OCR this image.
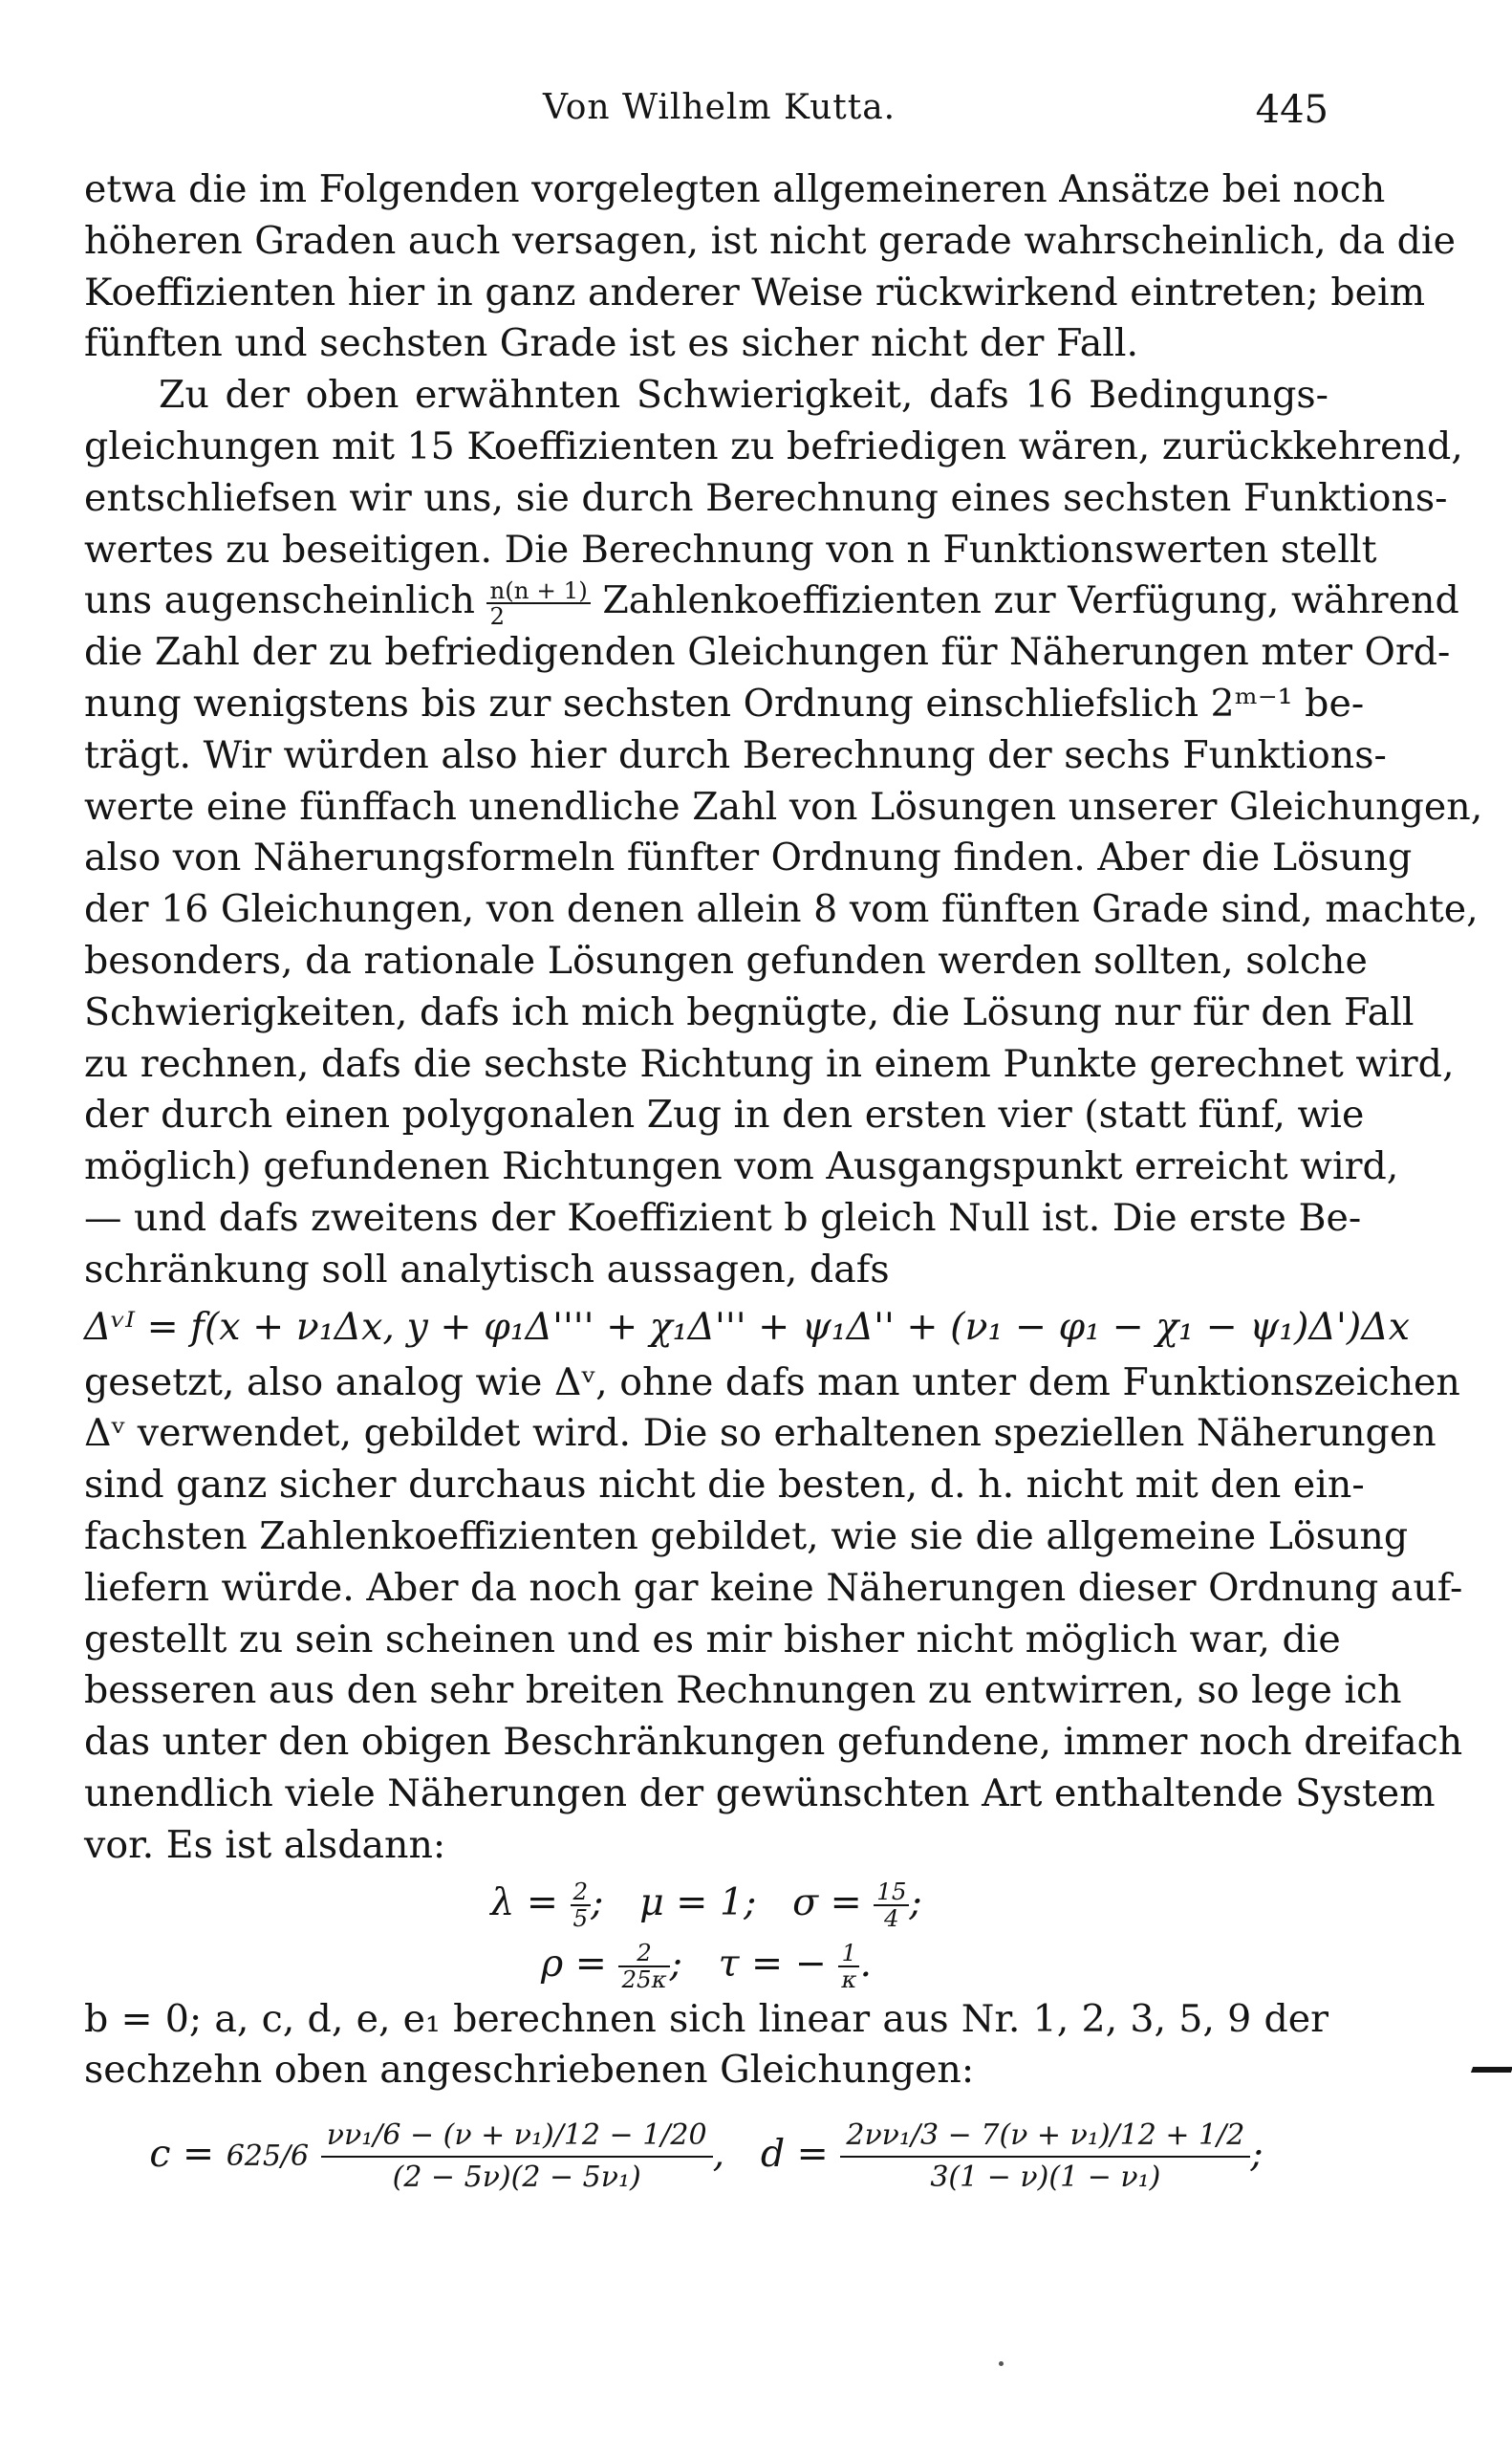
Von Wilhelm Kutta.	445
etwa die im Folgenden vorgelegten allgemeineren Ansätze bei noch
höheren Graden auch versagen, ist nicht gerade wahrscheinlich, da die
Koeffizienten hier in ganz anderer Weise rückwirkend eintreten; beim
fünften und sechsten Grade ist es sicher nicht der Fall.
Zu der oben erwähnten Schwierigkeit, dafs 16 Bedingungs-
gleichungen mit 15 Koeffizienten zu befriedigen wären, zurückkehrend,
entschliefsen wir uns, sie durch Berechnung eines sechsten Funktions-
wertes zu beseitigen. Die Berechnung von n Funktionswerten stellt
uns augenscheinlich $\frac{n(n + 1)}{2}$ Zahlenkoeffizienten zur Verfügung, während
die Zahl der zu befriedigenden Gleichungen für Näherungen mter Ord-
nung wenigstens bis zur sechsten Ordnung einschliefslich 2ᵐ⁻¹ be-
trägt. Wir würden also hier durch Berechnung der sechs Funktions-
werte eine fünffach unendliche Zahl von Lösungen unserer Gleichungen,
also von Näherungsformeln fünfter Ordnung finden. Aber die Lösung
der 16 Gleichungen, von denen allein 8 vom fünften Grade sind, machte,
besonders, da rationale Lösungen gefunden werden sollten, solche
Schwierigkeiten, dafs ich mich begnügte, die Lösung nur für den Fall
zu rechnen, dafs die sechste Richtung in einem Punkte gerechnet wird,
der durch einen polygonalen Zug in den ersten vier (statt fünf, wie
möglich) gefundenen Richtungen vom Ausgangspunkt erreicht wird,
— und dafs zweitens der Koeffizient b gleich Null ist. Die erste Be-
schränkung soll analytisch aussagen, dafs
Δᵛᴵ = f(x + ν₁Δx, y + φ₁Δ'''' + χ₁Δ''' + ψ₁Δ'' + (ν₁ − φ₁ − χ₁ − ψ₁)Δ')Δx
gesetzt, also analog wie Δᵛ, ohne dafs man unter dem Funktionszeichen
Δᵛ verwendet, gebildet wird. Die so erhaltenen speziellen Näherungen
sind ganz sicher durchaus nicht die besten, d. h. nicht mit den ein-
fachsten Zahlenkoeffizienten gebildet, wie sie die allgemeine Lösung
liefern würde. Aber da noch gar keine Näherungen dieser Ordnung auf-
gestellt zu sein scheinen und es mir bisher nicht möglich war, die
besseren aus den sehr breiten Rechnungen zu entwirren, so lege ich
das unter den obigen Beschränkungen gefundene, immer noch dreifach
unendlich viele Näherungen der gewünschten Art enthaltende System
vor. Es ist alsdann:
$\lambda = \frac{2}{5}$ ;   μ = 1; $\sigma = \frac{15}{4}$ ;
$\rho = \frac{2}{25\kappa}$ ;   τ = − $\frac{1}{\kappa}$ .
b = 0; a, c, d, e, e₁ berechnen sich linear aus Nr. 1, 2, 3, 5, 9 der
sechzehn oben angeschriebenen Gleichungen:
$c = 625/6 \frac{\text{νν₁/6 − (ν + ν₁)/12 − 1/20}}{\text{(2 − 5ν)(2 − 5ν₁)}}$ ,   $d = \frac{\text{2νν₁/3 − 7(ν + ν₁)/12 + 1/2}}{\text{3(1 − ν)(1 − ν₁)}}$ ;
